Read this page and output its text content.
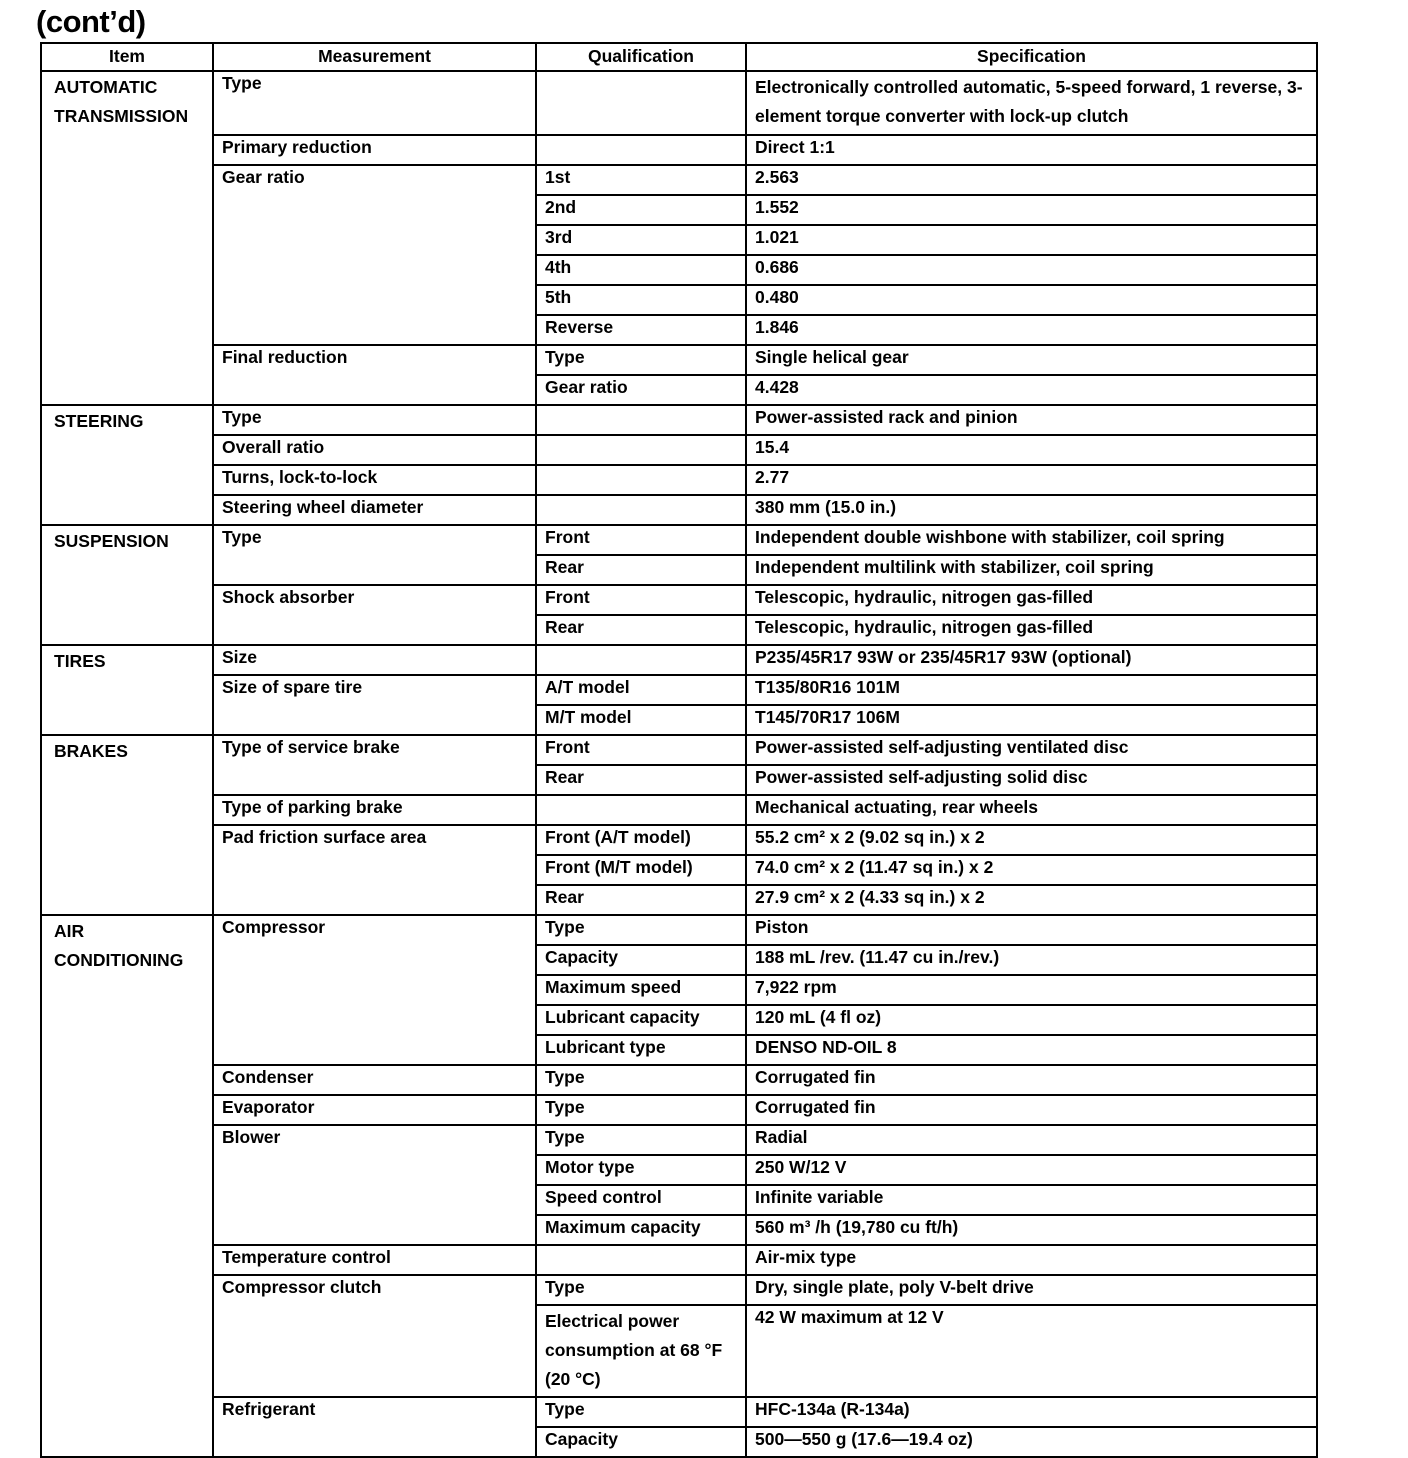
(cont’d)
Item	Measurement	Qualification	Specification
AUTOMATIC TRANSMISSION	Type		Electronically controlled automatic, 5-speed forward, 1 reverse, 3-element torque converter with lock-up clutch
	Primary reduction		Direct 1:1
	Gear ratio	1st	2.563
		2nd	1.552
		3rd	1.021
		4th	0.686
		5th	0.480
		Reverse	1.846
	Final reduction	Type	Single helical gear
		Gear ratio	4.428
STEERING	Type		Power-assisted rack and pinion
	Overall ratio		15.4
	Turns, lock-to-lock		2.77
	Steering wheel diameter		380 mm (15.0 in.)
SUSPENSION	Type	Front	Independent double wishbone with stabilizer, coil spring
		Rear	Independent multilink with stabilizer, coil spring
	Shock absorber	Front	Telescopic, hydraulic, nitrogen gas-filled
		Rear	Telescopic, hydraulic, nitrogen gas-filled
TIRES	Size		P235/45R17 93W or 235/45R17 93W (optional)
	Size of spare tire	A/T model	T135/80R16 101M
		M/T model	T145/70R17 106M
BRAKES	Type of service brake	Front	Power-assisted self-adjusting ventilated disc
		Rear	Power-assisted self-adjusting solid disc
	Type of parking brake		Mechanical actuating, rear wheels
	Pad friction surface area	Front (A/T model)	55.2 cm² x 2 (9.02 sq in.) x 2
		Front (M/T model)	74.0 cm² x 2 (11.47 sq in.) x 2
		Rear	27.9 cm² x 2 (4.33 sq in.) x 2
AIR CONDITIONING	Compressor	Type	Piston
		Capacity	188 mL /rev. (11.47 cu in./rev.)
		Maximum speed	7,922 rpm
		Lubricant capacity	120 mL (4 fl oz)
		Lubricant type	DENSO ND-OIL 8
	Condenser	Type	Corrugated fin
	Evaporator	Type	Corrugated fin
	Blower	Type	Radial
		Motor type	250 W/12 V
		Speed control	Infinite variable
		Maximum capacity	560 m³ /h (19,780 cu ft/h)
	Temperature control		Air-mix type
	Compressor clutch	Type	Dry, single plate, poly V-belt drive
		Electrical power consumption at 68 °F (20 °C)	42 W maximum at 12 V
	Refrigerant	Type	HFC-134a (R-134a)
		Capacity	500—550 g (17.6—19.4 oz)
